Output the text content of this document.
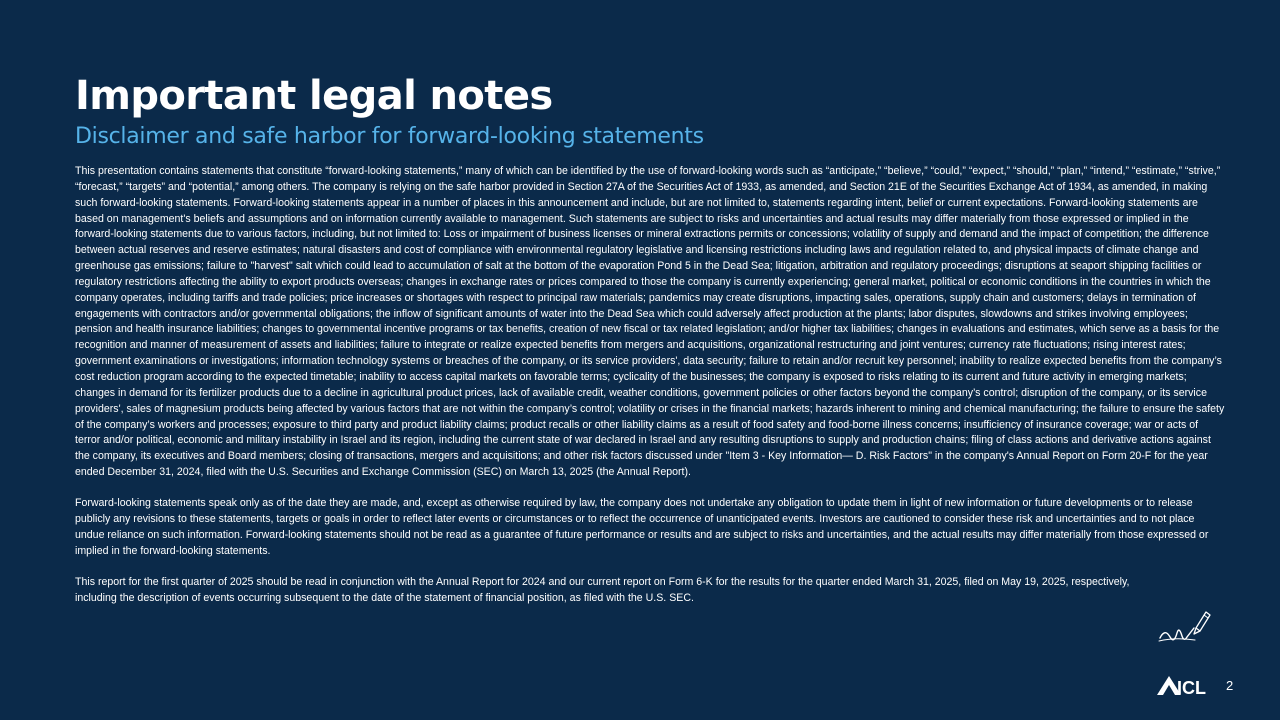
Important legal notes
Disclaimer and safe harbor for forward-looking statements

This presentation contains statements that constitute “forward-looking statements,” many of which can be identified by the use of forward-looking words such as “anticipate,” “believe,” “could,” “expect,” “should,” “plan,” “intend,” “estimate,” “strive,” “forecast,” “targets” and “potential,” among others. The company is relying on the safe harbor provided in Section 27A of the Securities Act of 1933, as amended, and Section 21E of the Securities Exchange Act of 1934, as amended, in making such forward-looking statements. Forward-looking statements appear in a number of places in this announcement and include, but are not limited to, statements regarding intent, belief or current expectations. Forward-looking statements are based on management's beliefs and assumptions and on information currently available to management. Such statements are subject to risks and uncertainties and actual results may differ materially from those expressed or implied in the forward-looking statements due to various factors, including, but not limited to: Loss or impairment of business licenses or mineral extractions permits or concessions; volatility of supply and demand and the impact of competition; the difference between actual reserves and reserve estimates; natural disasters and cost of compliance with environmental regulatory legislative and licensing restrictions including laws and regulation related to, and physical impacts of climate change and greenhouse gas emissions; failure to "harvest" salt which could lead to accumulation of salt at the bottom of the evaporation Pond 5 in the Dead Sea; litigation, arbitration and regulatory proceedings; disruptions at seaport shipping facilities or regulatory restrictions affecting the ability to export products overseas; changes in exchange rates or prices compared to those the company is currently experiencing; general market, political or economic conditions in the countries in which the company operates, including tariffs and trade policies; price increases or shortages with respect to principal raw materials; pandemics may create disruptions, impacting sales, operations, supply chain and customers; delays in termination of engagements with contractors and/or governmental obligations; the inflow of significant amounts of water into the Dead Sea which could adversely affect production at the plants; labor disputes, slowdowns and strikes involving employees; pension and health insurance liabilities; changes to governmental incentive programs or tax benefits, creation of new fiscal or tax related legislation; and/or higher tax liabilities; changes in evaluations and estimates, which serve as a basis for the recognition and manner of measurement of assets and liabilities; failure to integrate or realize expected benefits from mergers and acquisitions, organizational restructuring and joint ventures; currency rate fluctuations; rising interest rates; government examinations or investigations; information technology systems or breaches of the company, or its service providers', data security; failure to retain and/or recruit key personnel; inability to realize expected benefits from the company’s cost reduction program according to the expected timetable; inability to access capital markets on favorable terms; cyclicality of the businesses; the company is exposed to risks relating to its current and future activity in emerging markets; changes in demand for its fertilizer products due to a decline in agricultural product prices, lack of available credit, weather conditions, government policies or other factors beyond the company’s control; disruption of the company, or its service providers', sales of magnesium products being affected by various factors that are not within the company’s control; volatility or crises in the financial markets; hazards inherent to mining and chemical manufacturing; the failure to ensure the safety of the company’s workers and processes; exposure to third party and product liability claims; product recalls or other liability claims as a result of food safety and food-borne illness concerns; insufficiency of insurance coverage; war or acts of terror and/or political, economic and military instability in Israel and its region, including the current state of war declared in Israel and any resulting disruptions to supply and production chains; filing of class actions and derivative actions against the company, its executives and Board members; closing of transactions, mergers and acquisitions; and other risk factors discussed under "Item 3 - Key Information— D. Risk Factors" in the company's Annual Report on Form 20-F for the year ended December 31, 2024, filed with the U.S. Securities and Exchange Commission (SEC) on March 13, 2025 (the Annual Report).

Forward-looking statements speak only as of the date they are made, and, except as otherwise required by law, the company does not undertake any obligation to update them in light of new information or future developments or to release publicly any revisions to these statements, targets or goals in order to reflect later events or circumstances or to reflect the occurrence of unanticipated events. Investors are cautioned to consider these risk and uncertainties and to not place undue reliance on such information. Forward-looking statements should not be read as a guarantee of future performance or results and are subject to risks and uncertainties, and the actual results may differ materially from those expressed or implied in the forward-looking statements.

This report for the first quarter of 2025 should be read in conjunction with the Annual Report for 2024 and our current report on Form 6-K for the results for the quarter ended March 31, 2025, filed on May 19, 2025, respectively, including the description of events occurring subsequent to the date of the statement of financial position, as filed with the U.S. SEC.

ICL 2
